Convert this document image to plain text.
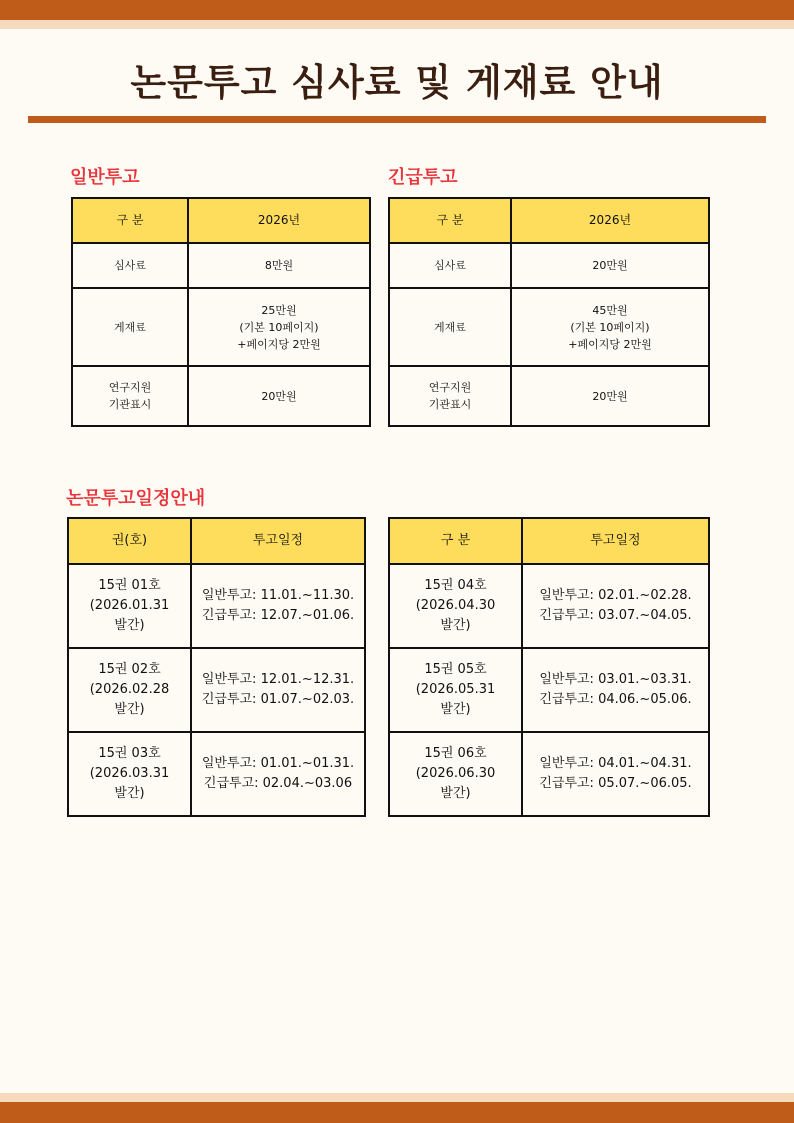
논문투고 심사료 및 게재료 안내
일반투고
구 분	2026년
심사료	8만원
게재료	25만원
(기본 10페이지)
+페이지당 2만원
연구지원
기관표시	20만원
긴급투고
구 분	2026년
심사료	20만원
게재료	45만원
(기본 10페이지)
+페이지당 2만원
연구지원
기관표시	20만원
논문투고일정안내
권(호)	투고일정
15권 01호
(2026.01.31
발간)	일반투고: 11.01.~11.30.
긴급투고: 12.07.~01.06.
15권 02호
(2026.02.28
발간)	일반투고: 12.01.~12.31.
긴급투고: 01.07.~02.03.
15권 03호
(2026.03.31
발간)	일반투고: 01.01.~01.31.
긴급투고: 02.04.~03.06
구 분	투고일정
15권 04호
(2026.04.30
발간)	일반투고: 02.01.~02.28.
긴급투고: 03.07.~04.05.
15권 05호
(2026.05.31
발간)	일반투고: 03.01.~03.31.
긴급투고: 04.06.~05.06.
15권 06호
(2026.06.30
발간)	일반투고: 04.01.~04.31.
긴급투고: 05.07.~06.05.
